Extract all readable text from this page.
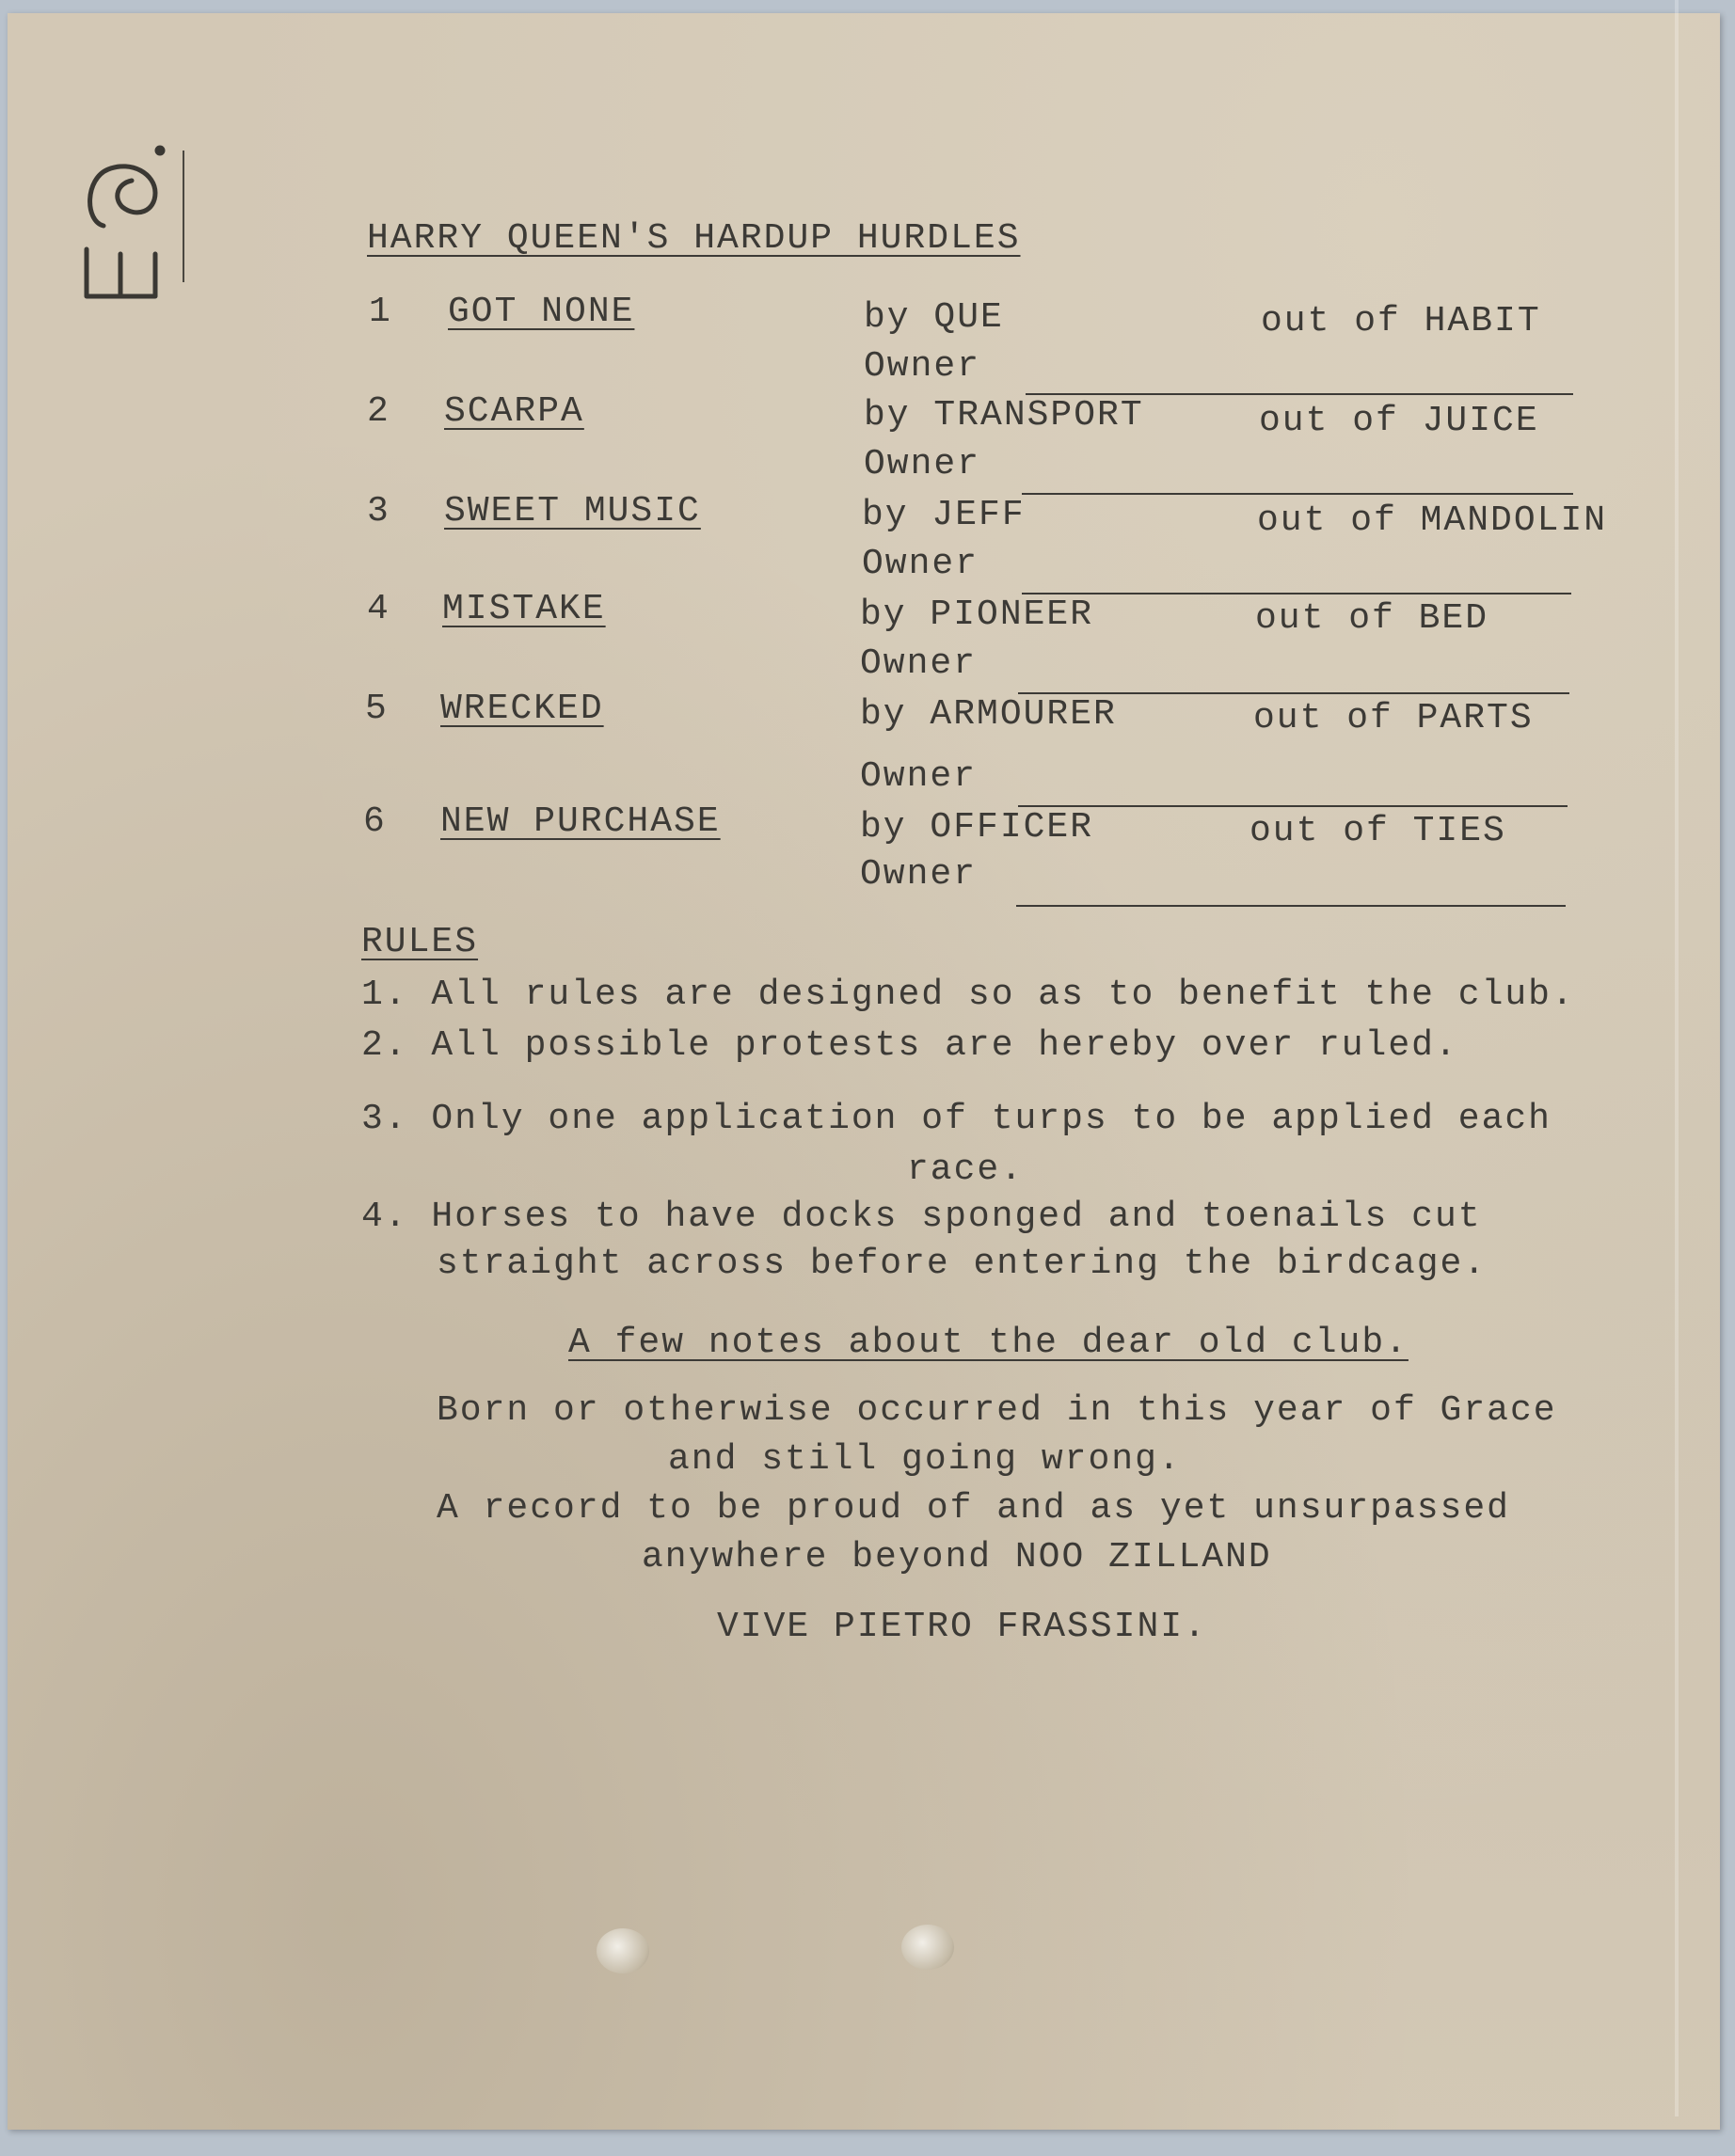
HARRY QUEEN'S HARDUP HURDLES
1 GOT NONE	by QUE	out of HABIT
Owner
2 SCARPA	by TRANSPORT	out of JUICE
Owner
3 SWEET MUSIC	by JEFF	out of MANDOLIN
Owner
4 MISTAKE	by PIONEER	out of BED
Owner
5 WRECKED	by ARMOURER	out of PARTS
Owner
6 NEW PURCHASE	by OFFICER	out of TIES
Owner
RULES
1. All rules are designed so as to benefit the club.
2. All possible protests are hereby over ruled.
3. Only one application of turps to be applied each
race.
4. Horses to have docks sponged and toenails cut
straight across before entering the birdcage.
A few notes about the dear old club.
Born or otherwise occurred in this year of Grace
and still going wrong.
A record to be proud of and as yet unsurpassed
anywhere beyond NOO ZILLAND
VIVE PIETRO FRASSINI.
